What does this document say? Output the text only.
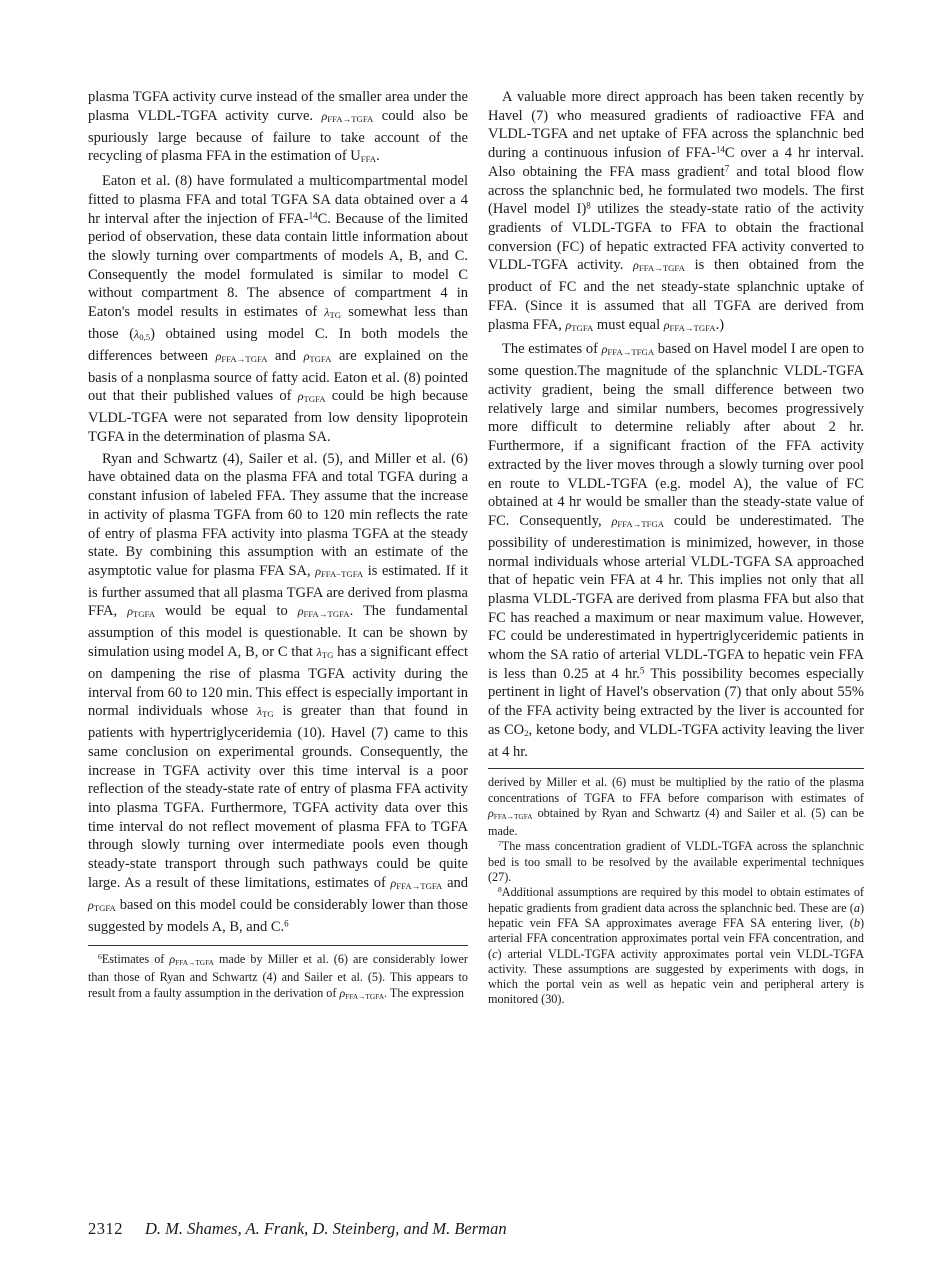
plasma TGFA activity curve instead of the smaller area under the plasma VLDL-TGFA activity curve. $\rho_{FFA\to TGFA}$ could also be spuriously large because of failure to take account of the recycling of plasma FFA in the estimation of $U_{FFA}$.

Eaton et al. (8) have formulated a multicompartmental model fitted to plasma FFA and total TGFA SA data obtained over a 4 hr interval after the injection of FFA-$^{14}$C. Because of the limited period of observation, these data contain little information about the slowly turning over compartments of models A, B, and C. Consequently the model formulated is similar to model C without compartment 8. The absence of compartment 4 in Eaton's model results in estimates of $\lambda_{TG}$ somewhat less than those $(\lambda_{0,5})$ obtained using model C. In both models the differences between $\rho_{FFA\to TGFA}$ and $\rho_{TGFA}$ are explained on the basis of a nonplasma source of fatty acid. Eaton et al. (8) pointed out that their published values of $\rho_{TGFA}$ could be high because VLDL-TGFA were not separated from low density lipoprotein TGFA in the determination of plasma SA.

Ryan and Schwartz (4), Sailer et al. (5), and Miller et al. (6) have obtained data on the plasma FFA and total TGFA during a constant infusion of labeled FFA. They assume that the increase in activity of plasma TGFA from 60 to 120 min reflects the rate of entry of plasma FFA activity into plasma TGFA at the steady state. By combining this assumption with an estimate of the asymptotic value for plasma FFA SA, $\rho_{FFA-TGFA}$ is estimated. If it is further assumed that all plasma TGFA are derived from plasma FFA, $\rho_{TGFA}$ would be equal to $\rho_{FFA\to TGFA}$. The fundamental assumption of this model is questionable. It can be shown by simulation using model A, B, or C that $\lambda_{TG}$ has a significant effect on dampening the rise of plasma TGFA activity during the interval from 60 to 120 min. This effect is especially important in normal individuals whose $\lambda_{TG}$ is greater than that found in patients with hypertriglyceridemia (10). Havel (7) came to this same conclusion on experimental grounds. Consequently, the increase in TGFA activity over this time interval is a poor reflection of the steady-state rate of entry of plasma FFA activity into plasma TGFA. Furthermore, TGFA activity data over this time interval do not reflect movement of plasma FFA to TGFA through slowly turning over intermediate pools even though steady-state transport through such pathways could be quite large. As a result of these limitations, estimates of $\rho_{FFA\to TGFA}$ and $\rho_{TGFA}$ based on this model could be considerably lower than those suggested by models A, B, and C.$^6$

$^6$Estimates of $\rho_{FFA\to TGFA}$ made by Miller et al. (6) are considerably lower than those of Ryan and Schwartz (4) and Sailer et al. (5). This appears to result from a faulty assumption in the derivation of $\rho_{FFA\to TGFA}$. The expression

A valuable more direct approach has been taken recently by Havel (7) who measured gradients of radioactive FFA and VLDL-TGFA and net uptake of FFA across the splanchnic bed during a continuous infusion of FFA-$^{14}$C over a 4 hr interval. Also obtaining the FFA mass gradient$^7$ and total blood flow across the splanchnic bed, he formulated two models. The first (Havel model I)$^8$ utilizes the steady-state ratio of the activity gradients of VLDL-TGFA to FFA to obtain the fractional conversion (FC) of hepatic extracted FFA activity converted to VLDL-TGFA activity. $\rho_{FFA\to TGFA}$ is then obtained from the product of FC and the net steady-state splanchnic uptake of FFA. (Since it is assumed that all TGFA are derived from plasma FFA, $\rho_{TGFA}$ must equal $\rho_{FFA\to TGFA}$.)

The estimates of $\rho_{FFA\to TFGA}$ based on Havel model I are open to some question.The magnitude of the splanchnic VLDL-TGFA activity gradient, being the small difference between two relatively large and similar numbers, becomes progressively more difficult to determine reliably after about 2 hr. Furthermore, if a significant fraction of the FFA activity extracted by the liver moves through a slowly turning over pool en route to VLDL-TGFA (e.g. model A), the value of FC obtained at 4 hr would be smaller than the steady-state value of FC. Consequently, $\rho_{FFA\to TFGA}$ could be underestimated. The possibility of underestimation is minimized, however, in those normal individuals whose arterial VLDL-TGFA SA approached that of hepatic vein FFA at 4 hr. This implies not only that all plasma VLDL-TGFA are derived from plasma FFA but also that FC has reached a maximum or near maximum value. However, FC could be underestimated in hypertriglyceridemic patients in whom the SA ratio of arterial VLDL-TGFA to hepatic vein FFA is less than 0.25 at 4 hr.$^5$ This possibility becomes especially pertinent in light of Havel's observation (7) that only about 55% of the FFA activity being extracted by the liver is accounted for as $CO_2$, ketone body, and VLDL-TGFA activity leaving the liver at 4 hr.

derived by Miller et al. (6) must be multiplied by the ratio of the plasma concentrations of TGFA to FFA before comparison with estimates of $\rho_{FFA\to TGFA}$ obtained by Ryan and Schwartz (4) and Sailer et al. (5) can be made.

$^7$The mass concentration gradient of VLDL-TGFA across the splanchnic bed is too small to be resolved by the available experimental techniques (27).

$^8$Additional assumptions are required by this model to obtain estimates of hepatic gradients from gradient data across the splanchnic bed. These are (a) hepatic vein FFA SA approximates average FFA SA entering liver, (b) arterial FFA concentration approximates portal vein FFA concentration, and (c) arterial VLDL-TGFA activity approximates portal vein VLDL-TGFA activity. These assumptions are suggested by experiments with dogs, in which the portal vein as well as hepatic vein and peripheral artery is monitored (30).

2312 D. M. Shames, A. Frank, D. Steinberg, and M. Berman
